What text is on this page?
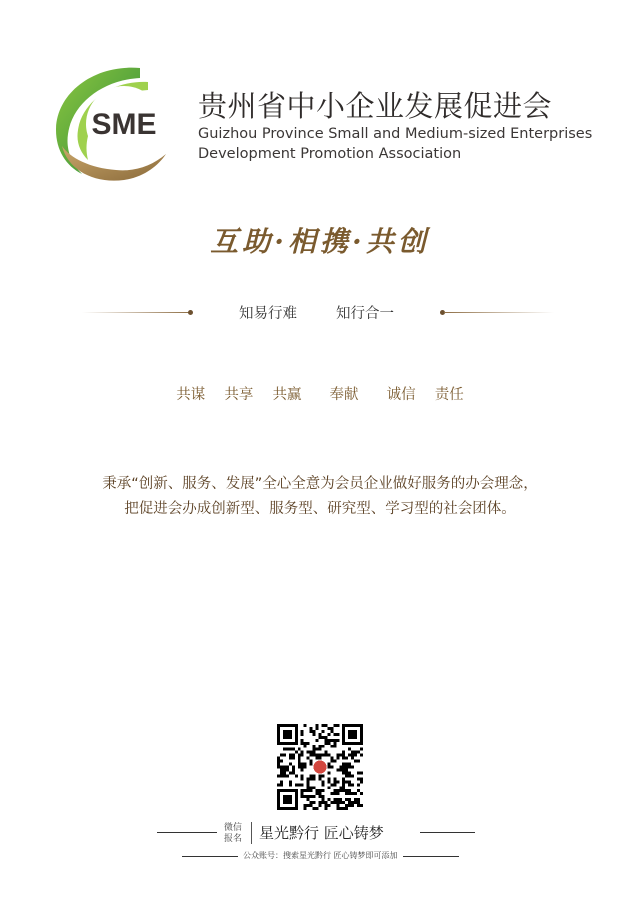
SME
贵州省中小企业发展促进会
Guizhou Province Small and Medium-sized Enterprises
Development Promotion Association
互助·相携·共创
知易行难	知行合一
共谋 共享 共赢 奉献 诚信 责任
秉承“创新、服务、发展”全心全意为会员企业做好服务的办会理念，
把促进会办成创新型、服务型、研究型、学习型的社会团体。
微信
报名 星光黔行 匠心铸梦
公众账号：搜索星光黔行 匠心铸梦即可添加
